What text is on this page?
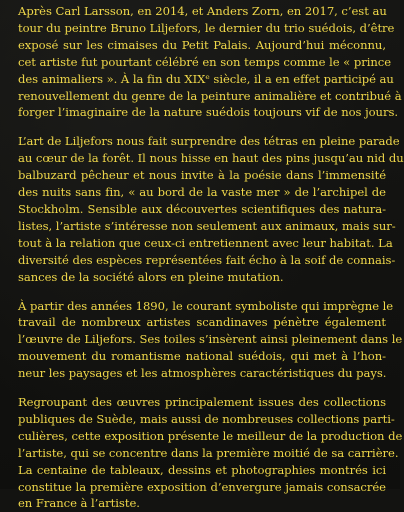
Après Carl Larsson, en 2014, et Anders Zorn, en 2017, c’est au
tour du peintre Bruno Liljefors, le dernier du trio suédois, d’être
exposé sur les cimaises du Petit Palais. Aujourd’hui méconnu,
cet artiste fut pourtant célébré en son temps comme le « prince
des animaliers ». À la fin du XIXᵉ siècle, il a en effet participé au
renouvellement du genre de la peinture animalière et contribué à
forger l’imaginaire de la nature suédois toujours vif de nos jours.
L’art de Liljefors nous fait surprendre des tétras en pleine parade
au cœur de la forêt. Il nous hisse en haut des pins jusqu’au nid du
balbuzard pêcheur et nous invite à la poésie dans l’immensité
des nuits sans fin, « au bord de la vaste mer » de l’archipel de
Stockholm. Sensible aux découvertes scientifiques des natura-
listes, l’artiste s’intéresse non seulement aux animaux, mais sur-
tout à la relation que ceux-ci entretiennent avec leur habitat. La
diversité des espèces représentées fait écho à la soif de connais-
sances de la société alors en pleine mutation.
À partir des années 1890, le courant symboliste qui imprègne le
travail de nombreux artistes scandinaves pénètre également
l’œuvre de Liljefors. Ses toiles s’insèrent ainsi pleinement dans le
mouvement du romantisme national suédois, qui met à l’hon-
neur les paysages et les atmosphères caractéristiques du pays.
Regroupant des œuvres principalement issues des collections
publiques de Suède, mais aussi de nombreuses collections parti-
culières, cette exposition présente le meilleur de la production de
l’artiste, qui se concentre dans la première moitié de sa carrière.
La centaine de tableaux, dessins et photographies montrés ici
constitue la première exposition d’envergure jamais consacrée
en France à l’artiste.
